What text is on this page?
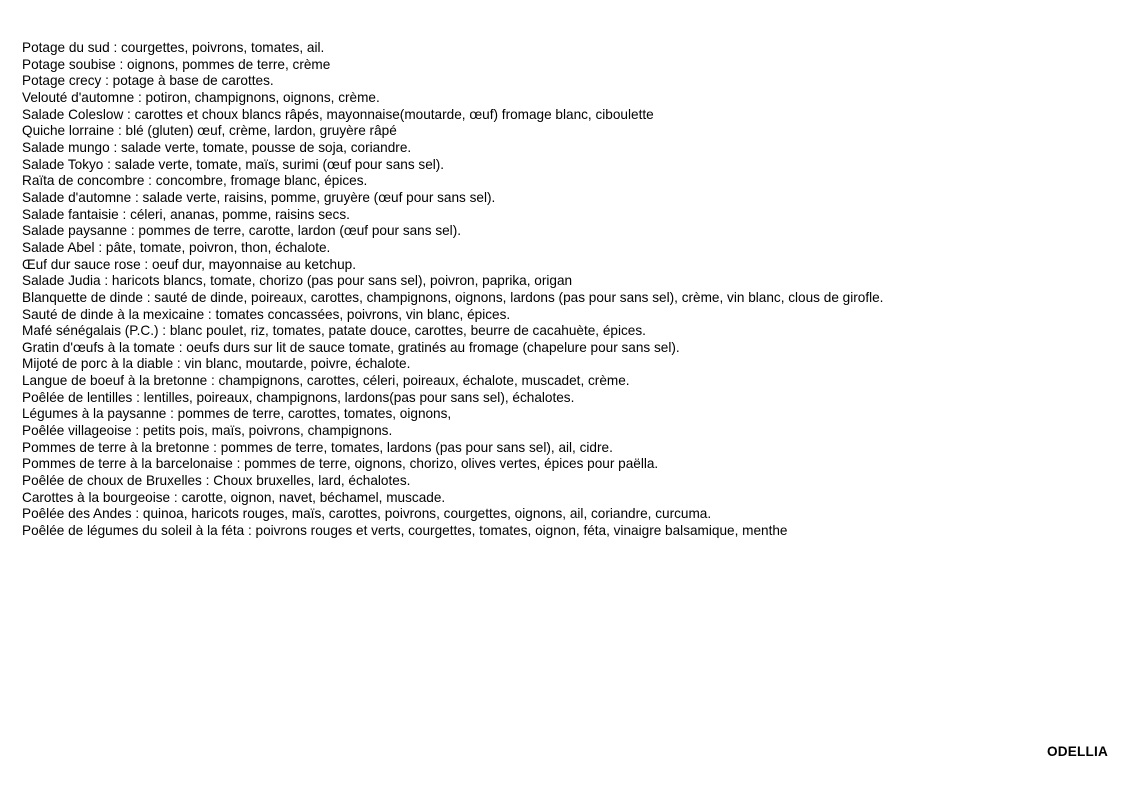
Potage du sud : courgettes, poivrons, tomates, ail.
Potage soubise : oignons, pommes de terre, crème
Potage crecy : potage à base de carottes.
Velouté d'automne : potiron, champignons, oignons, crème.
Salade Coleslow : carottes et choux blancs râpés, mayonnaise(moutarde, œuf) fromage blanc, ciboulette
Quiche lorraine : blé (gluten) œuf, crème, lardon, gruyère râpé
Salade mungo : salade verte, tomate, pousse de soja, coriandre.
Salade Tokyo : salade verte, tomate, maïs, surimi (œuf pour sans sel).
Raïta de concombre : concombre, fromage blanc, épices.
Salade d'automne : salade verte, raisins, pomme, gruyère (œuf pour sans sel).
Salade fantaisie : céleri, ananas, pomme, raisins secs.
Salade paysanne : pommes de terre, carotte, lardon (œuf pour sans sel).
Salade Abel : pâte, tomate, poivron, thon, échalote.
Œuf dur sauce rose : oeuf dur, mayonnaise au ketchup.
Salade Judia : haricots blancs, tomate, chorizo (pas pour sans sel), poivron, paprika, origan
Blanquette de dinde : sauté de dinde, poireaux, carottes, champignons, oignons, lardons (pas pour sans sel), crème, vin blanc, clous de girofle.
Sauté de dinde à la mexicaine : tomates concassées, poivrons, vin blanc, épices.
Mafé sénégalais (P.C.) : blanc poulet, riz, tomates, patate douce, carottes, beurre de cacahuète, épices.
Gratin d'œufs à la tomate : oeufs durs sur lit de sauce tomate, gratinés au fromage (chapelure pour sans sel).
Mijoté de porc à la diable : vin blanc, moutarde, poivre, échalote.
Langue de boeuf à la bretonne : champignons, carottes, céleri, poireaux, échalote, muscadet, crème.
Poêlée de lentilles : lentilles, poireaux, champignons, lardons(pas pour sans sel), échalotes.
Légumes à la paysanne : pommes de terre, carottes, tomates, oignons,
Poêlée villageoise : petits pois, maïs, poivrons, champignons.
Pommes de terre à la bretonne : pommes de terre, tomates, lardons (pas pour sans sel), ail, cidre.
Pommes de terre à la barcelonaise : pommes de terre, oignons, chorizo, olives vertes, épices pour paëlla.
Poêlée de choux de Bruxelles : Choux bruxelles, lard, échalotes.
Carottes à la bourgeoise : carotte, oignon, navet, béchamel, muscade.
Poêlée des Andes : quinoa, haricots rouges, maïs, carottes, poivrons, courgettes, oignons, ail, coriandre, curcuma.
Poêlée de légumes du soleil à la féta : poivrons rouges et verts, courgettes, tomates, oignon, féta, vinaigre balsamique, menthe
ODELLIA
